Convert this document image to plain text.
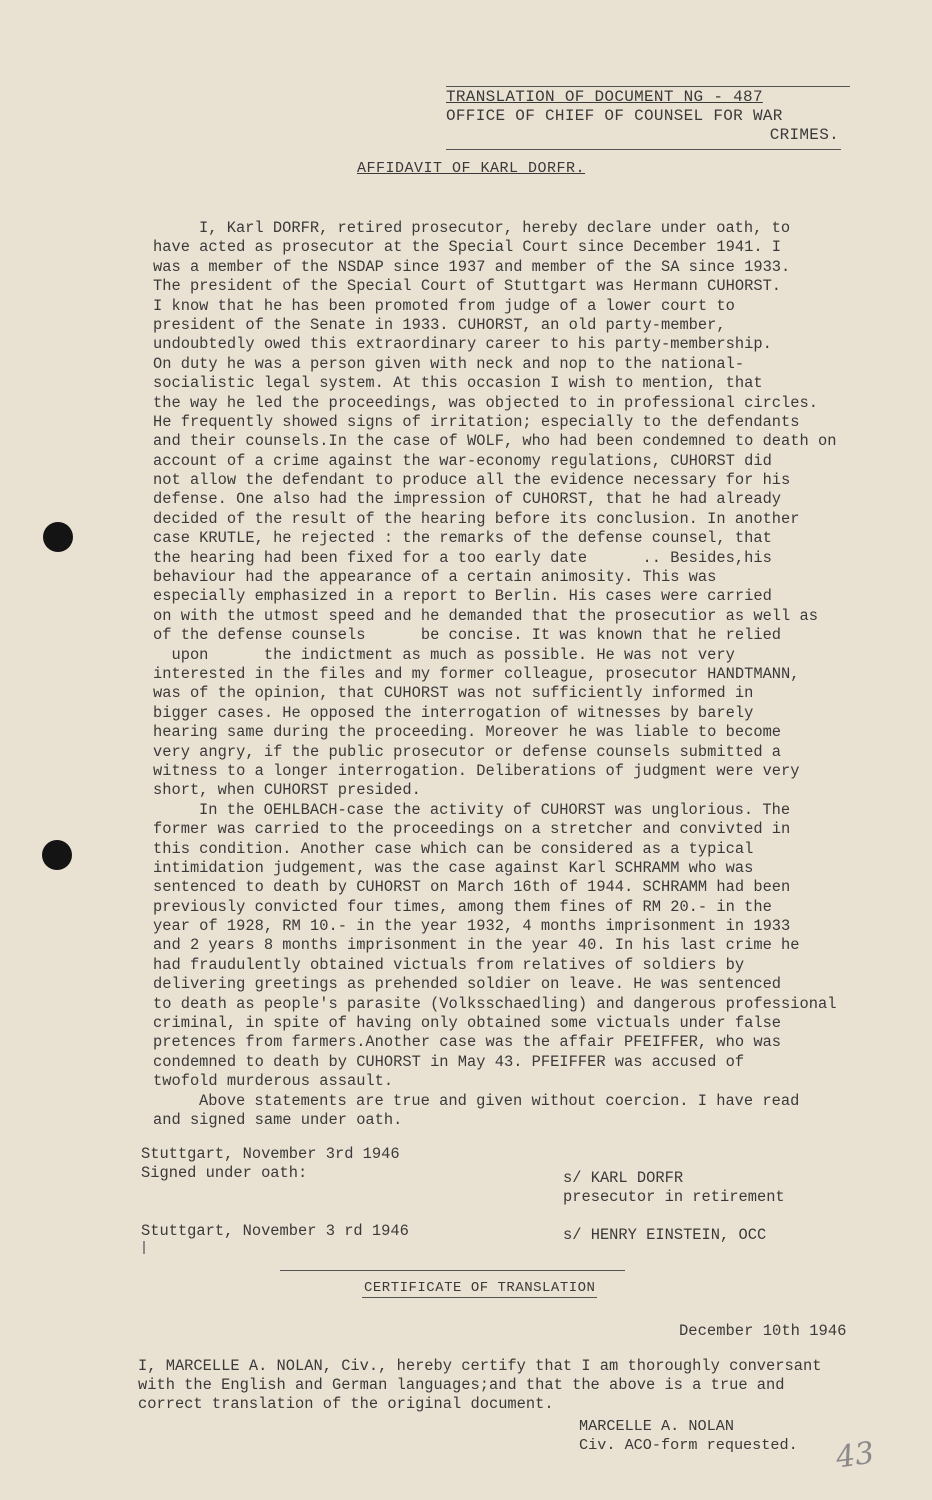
TRANSLATION OF DOCUMENT NG - 487
OFFICE OF CHIEF OF COUNSEL FOR WAR
CRIMES.
AFFIDAVIT OF KARL DORFR.
I, Karl DORFR, retired prosecutor, hereby declare under oath, to
have acted as prosecutor at the Special Court since December 1941. I
was a member of the NSDAP since 1937 and member of the SA since 1933.
The president of the Special Court of Stuttgart was Hermann CUHORST.
I know that he has been promoted from judge of a lower court to
president of the Senate in 1933. CUHORST, an old party-member,
undoubtedly owed this extraordinary career to his party-membership.
On duty he was a person given with neck and nop to the national-
socialistic legal system. At this occasion I wish to mention, that
the way he led the proceedings, was objected to in professional circles.
He frequently showed signs of irritation; especially to the defendants
and their counsels.In the case of WOLF, who had been condemned to death on
account of a crime against the war-economy regulations, CUHORST did
not allow the defendant to produce all the evidence necessary for his
defense. One also had the impression of CUHORST, that he had already
decided of the result of the hearing before its conclusion. In another
case KRUTLE, he rejected : the remarks of the defense counsel, that
the hearing had been fixed for a too early date      .. Besides,his
behaviour had the appearance of a certain animosity. This was
especially emphasized in a report to Berlin. His cases were carried
on with the utmost speed and he demanded that the prosecutior as well as
of the defense counsels      be concise. It was known that he relied
upon      the indictment as much as possible. He was not very
interested in the files and my former colleague, prosecutor HANDTMANN,
was of the opinion, that CUHORST was not sufficiently informed in
bigger cases. He opposed the interrogation of witnesses by barely
hearing same during the proceeding. Moreover he was liable to become
very angry, if the public prosecutor or defense counsels submitted a
witness to a longer interrogation. Deliberations of judgment were very
short, when CUHORST presided.
In the OEHLBACH-case the activity of CUHORST was unglorious. The
former was carried to the proceedings on a stretcher and convivted in
this condition. Another case which can be considered as a typical
intimidation judgement, was the case against Karl SCHRAMM who was
sentenced to death by CUHORST on March 16th of 1944. SCHRAMM had been
previously convicted four times, among them fines of RM 20.- in the
year of 1928, RM 10.- in the year 1932, 4 months imprisonment in 1933
and 2 years 8 months imprisonment in the year 40. In his last crime he
had fraudulently obtained victuals from relatives of soldiers by
delivering greetings as prehended soldier on leave. He was sentenced
to death as people's parasite (Volksschaedling) and dangerous professional
criminal, in spite of having only obtained some victuals under false
pretences from farmers.Another case was the affair PFEIFFER, who was
condemned to death by CUHORST in May 43. PFEIFFER was accused of
twofold murderous assault.
Above statements are true and given without coercion. I have read
and signed same under oath.
Stuttgart, November 3rd 1946
Signed under oath:	s/ KARL DORFR
presecutor in retirement
Stuttgart, November 3 rd 1946	s/ HENRY EINSTEIN, OCC
CERTIFICATE OF TRANSLATION
December 10th 1946
I, MARCELLE A. NOLAN, Civ., hereby certify that I am thoroughly conversant
with the English and German languages;and that the above is a true and
correct translation of the original document.
MARCELLE A. NOLAN
Civ. ACO-form requested. 43
